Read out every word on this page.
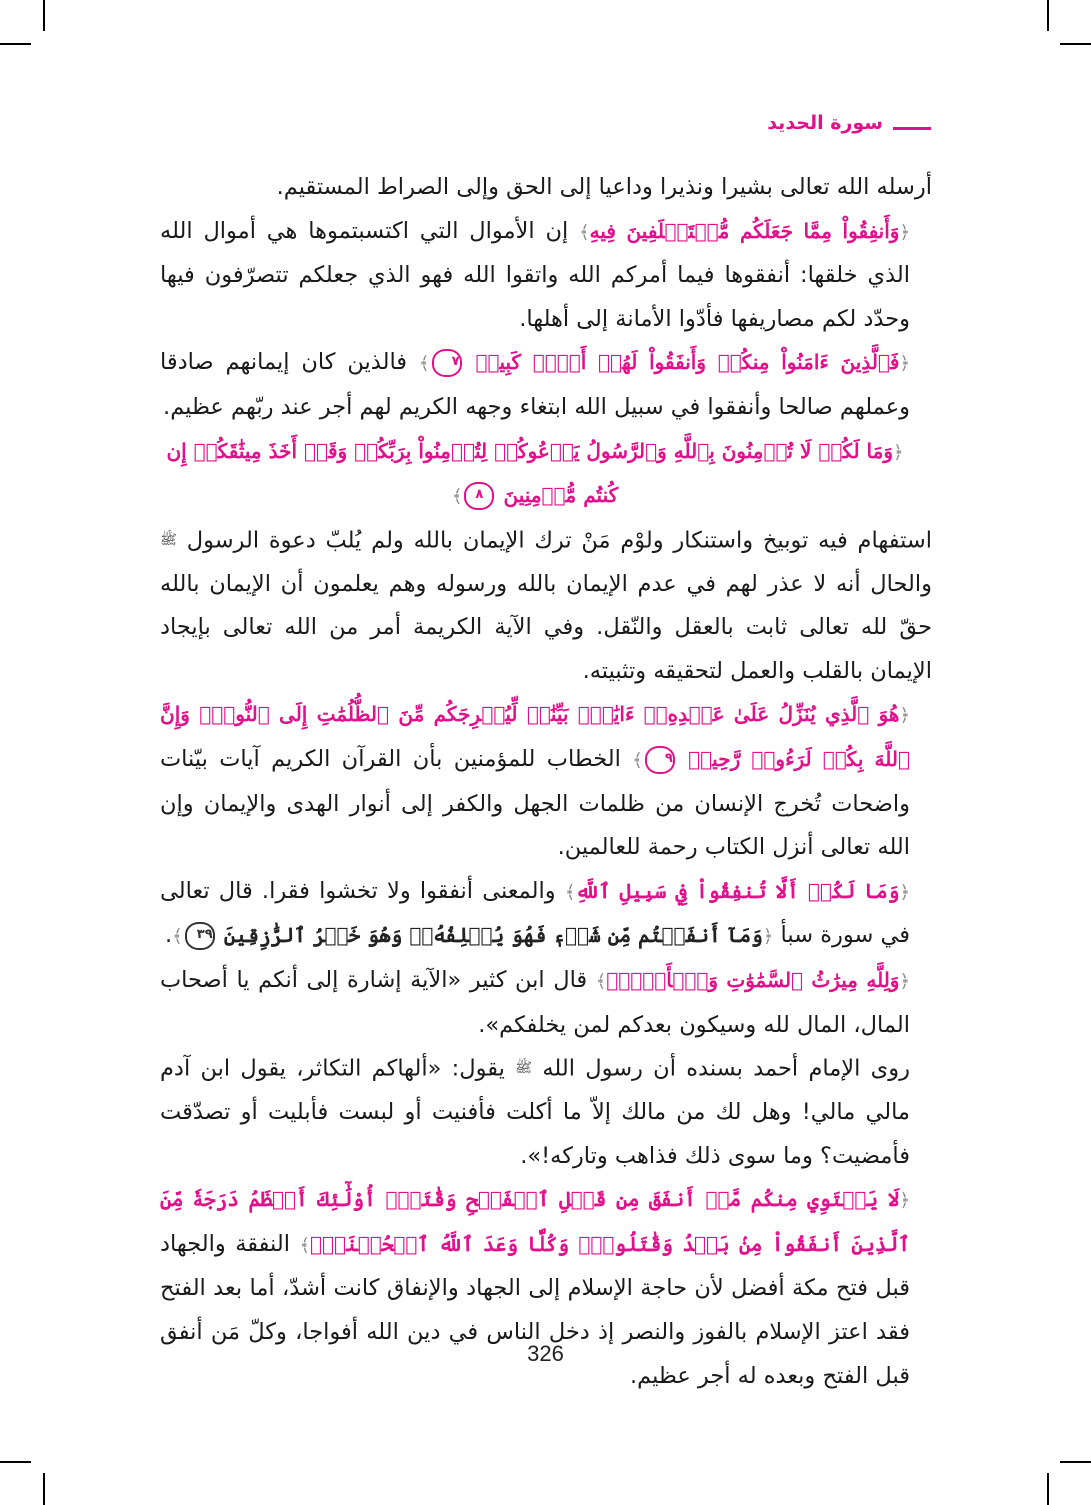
سورة الحديد

أرسله الله تعالى بشيرا ونذيرا وداعيا إلى الحق وإلى الصراط المستقيم.

﴿وَأَنفِقُواْ مِمَّا جَعَلَكُم مُّسۡتَخۡلَفِينَ فِيهِ﴾ إن الأموال التي اكتسبتموها هي أموال الله الذي خلقها: أنفقوها فيما أمركم الله واتقوا الله فهو الذي جعلكم تتصرّفون فيها وحدّد لكم مصاريفها فأدّوا الأمانة إلى أهلها.

﴿فَٱلَّذِينَ ءَامَنُواْ مِنكُمۡ وَأَنفَقُواْ لَهُمۡ أَجۡرٞ كَبِيرٞ ٧﴾ فالذين كان إيمانهم صادقا وعملهم صالحا وأنفقوا في سبيل الله ابتغاء وجهه الكريم لهم أجر عند ربّهم عظيم.

﴿وَمَا لَكُمۡ لَا تُؤۡمِنُونَ بِٱللَّهِ وَٱلرَّسُولُ يَدۡعُوكُمۡ لِتُؤۡمِنُواْ بِرَبِّكُمۡ وَقَدۡ أَخَذَ مِيثَٰقَكُمۡ إِن كُنتُم مُّؤۡمِنِينَ ٨﴾

استفهام فيه توبيخ واستنكار ولوْم مَنْ ترك الإيمان بالله ولم يُلبّ دعوة الرسول ﷺ والحال أنه لا عذر لهم في عدم الإيمان بالله ورسوله وهم يعلمون أن الإيمان بالله حقّ لله تعالى ثابت بالعقل والنّقل. وفي الآية الكريمة أمر من الله تعالى بإيجاد الإيمان بالقلب والعمل لتحقيقه وتثبيته.

﴿هُوَ ٱلَّذِي يُنَزِّلُ عَلَىٰ عَبۡدِهِۦٓ ءَايَٰتِۭ بَيِّنَٰتٖ لِّيُخۡرِجَكُم مِّنَ ٱلظُّلُمَٰتِ إِلَى ٱلنُّورِۚ وَإِنَّ ٱللَّهَ بِكُمۡ لَرَءُوفٞ رَّحِيمٞ ٩﴾ الخطاب للمؤمنين بأن القرآن الكريم آيات بيّنات واضحات تُخرج الإنسان من ظلمات الجهل والكفر إلى أنوار الهدى والإيمان وإن الله تعالى أنزل الكتاب رحمة للعالمين.

﴿وَمَا لَكُمۡ أَلَّا تُنفِقُواْ فِي سَبِيلِ ٱللَّهِ﴾ والمعنى أنفقوا ولا تخشوا فقرا. قال تعالى في سورة سبأ ﴿وَمَآ أَنفَقۡتُم مِّن شَيۡءٖ فَهُوَ يُخۡلِفُهُۥۖ وَهُوَ خَيۡرُ ٱلرَّٰزِقِينَ ٣٩﴾.

﴿وَلِلَّهِ مِيرَٰثُ ٱلسَّمَٰوَٰتِ وَٱلۡأَرۡضِۚ﴾ قال ابن كثير «الآية إشارة إلى أنكم يا أصحاب المال، المال لله وسيكون بعدكم لمن يخلفكم».

روى الإمام أحمد بسنده أن رسول الله ﷺ يقول: «ألهاكم التكاثر، يقول ابن آدم مالي مالي! وهل لك من مالك إلاّ ما أكلت فأفنيت أو لبست فأبليت أو تصدّقت فأمضيت؟ وما سوى ذلك فذاهب وتاركه!».

﴿لَا يَسۡتَوِي مِنكُم مَّنۡ أَنفَقَ مِن قَبۡلِ ٱلۡفَتۡحِ وَقَٰتَلَۚ أُوْلَٰٓئِكَ أَعۡظَمُ دَرَجَةٗ مِّنَ ٱلَّذِينَ أَنفَقُواْ مِنۢ بَعۡدُ وَقَٰتَلُواْۚ وَكُلّٗا وَعَدَ ٱللَّهُ ٱلۡحُسۡنَىٰۚ﴾ النفقة والجهاد قبل فتح مكة أفضل لأن حاجة الإسلام إلى الجهاد والإنفاق كانت أشدّ، أما بعد الفتح فقد اعتز الإسلام بالفوز والنصر إذ دخل الناس في دين الله أفواجا، وكلّ مَن أنفق قبل الفتح وبعده له أجر عظيم.

326
